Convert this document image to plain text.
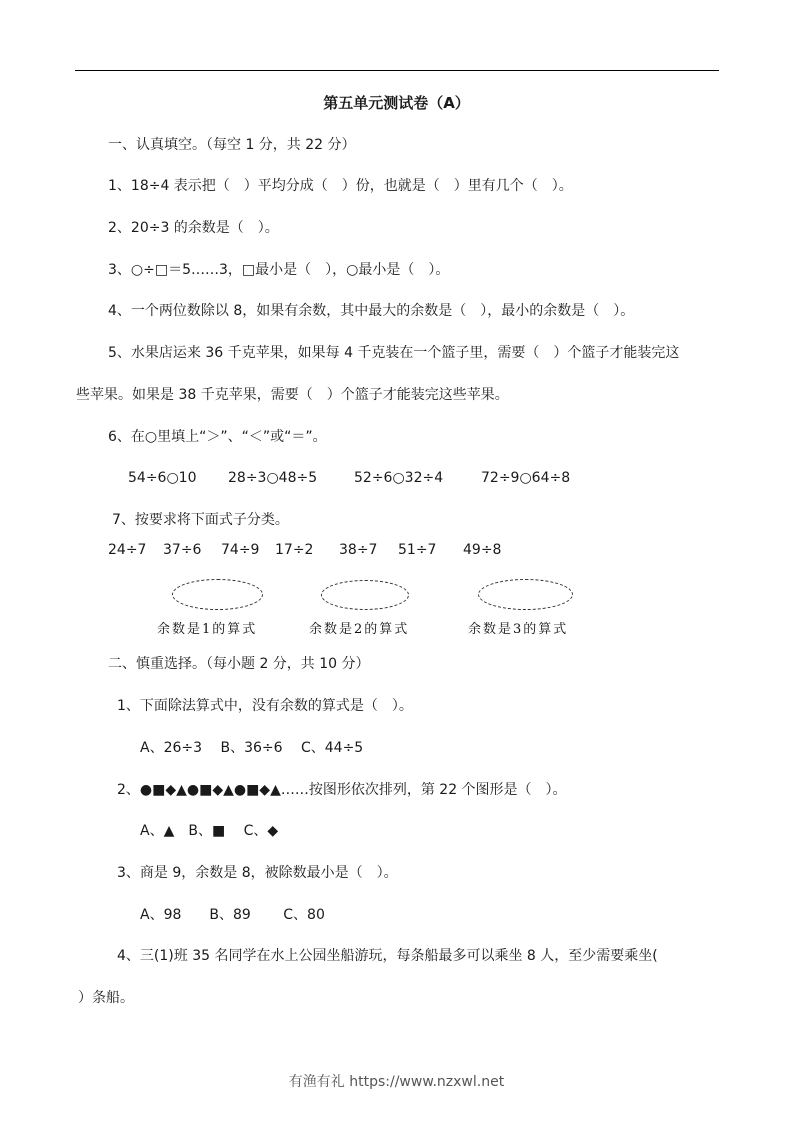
第五单元测试卷（A）
一、认真填空。（每空 1 分，共 22 分）
1、18÷4 表示把（　）平均分成（　）份，也就是（　）里有几个（　）。
2、20÷3 的余数是（　）。
3、○÷□＝5……3，□最小是（　），○最小是（　）。
4、一个两位数除以 8，如果有余数，其中最大的余数是（　），最小的余数是（　）。
5、水果店运来 36 千克苹果，如果每 4 千克装在一个篮子里，需要（　）个篮子才能装完这
些苹果。如果是 38 千克苹果，需要（　）个篮子才能装完这些苹果。
6、在○里填上“＞”、“＜”或“＝”。
54÷6○10 28÷3○48÷5	52÷6○32÷4	72÷9○64÷8
7、按要求将下面式子分类。
24÷7 37÷6 74÷9 17÷2 38÷7 51÷7 49÷8
余数是1的算式	余数是2的算式	余数是3的算式
二、慎重选择。（每小题 2 分，共 10 分）
1、下面除法算式中，没有余数的算式是（　）。
A、26÷3　 B、36÷6　 C、44÷5
2、●■◆▲●■◆▲●■◆▲……按图形依次排列，第 22 个图形是（　）。
A、▲　B、■　 C、◆
3、商是 9，余数是 8，被除数最小是（　）。
A、98　　B、89　　 C、80
4、三(1)班 35 名同学在水上公园坐船游玩，每条船最多可以乘坐 8 人，至少需要乘坐(
）条船。
有渔有礼 https://www.nzxwl.net
